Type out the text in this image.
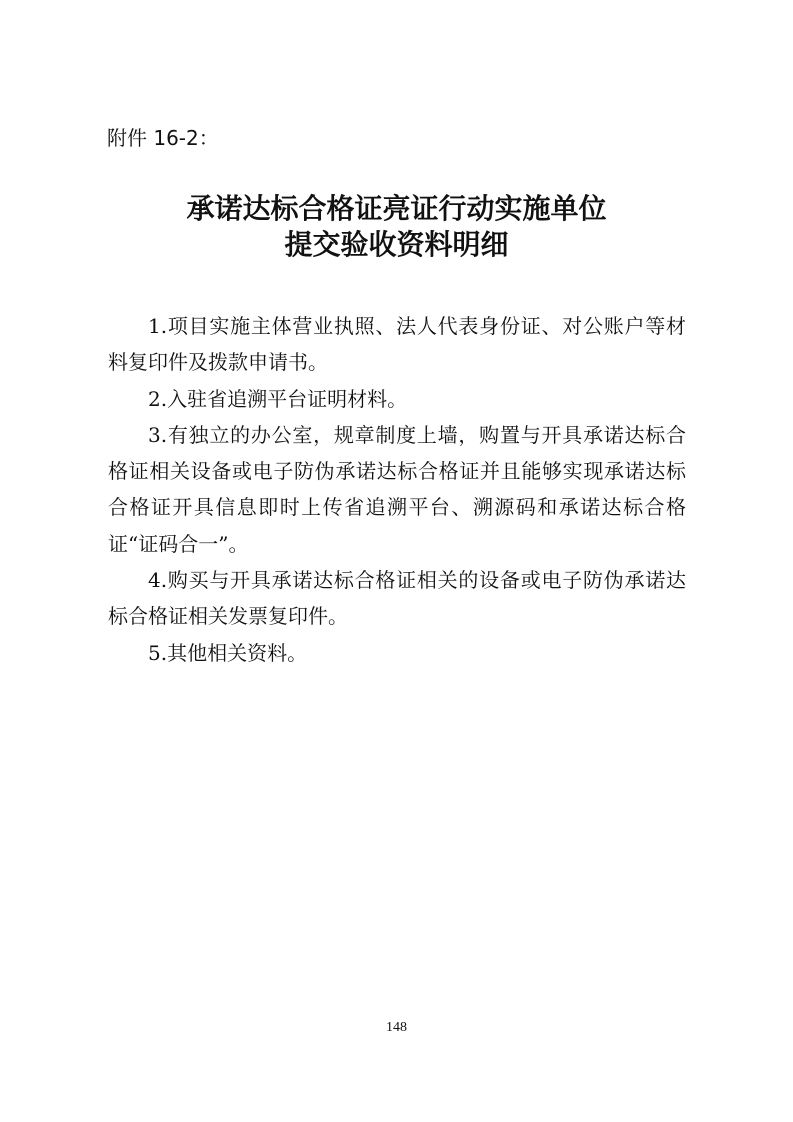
附件 16-2：
承诺达标合格证亮证行动实施单位
提交验收资料明细

1.项目实施主体营业执照、法人代表身份证、对公账户等材料复印件及拨款申请书。

2.入驻省追溯平台证明材料。

3.有独立的办公室，规章制度上墙，购置与开具承诺达标合格证相关设备或电子防伪承诺达标合格证并且能够实现承诺达标合格证开具信息即时上传省追溯平台、溯源码和承诺达标合格证“证码合一”。

4.购买与开具承诺达标合格证相关的设备或电子防伪承诺达标合格证相关发票复印件。

5.其他相关资料。

148
